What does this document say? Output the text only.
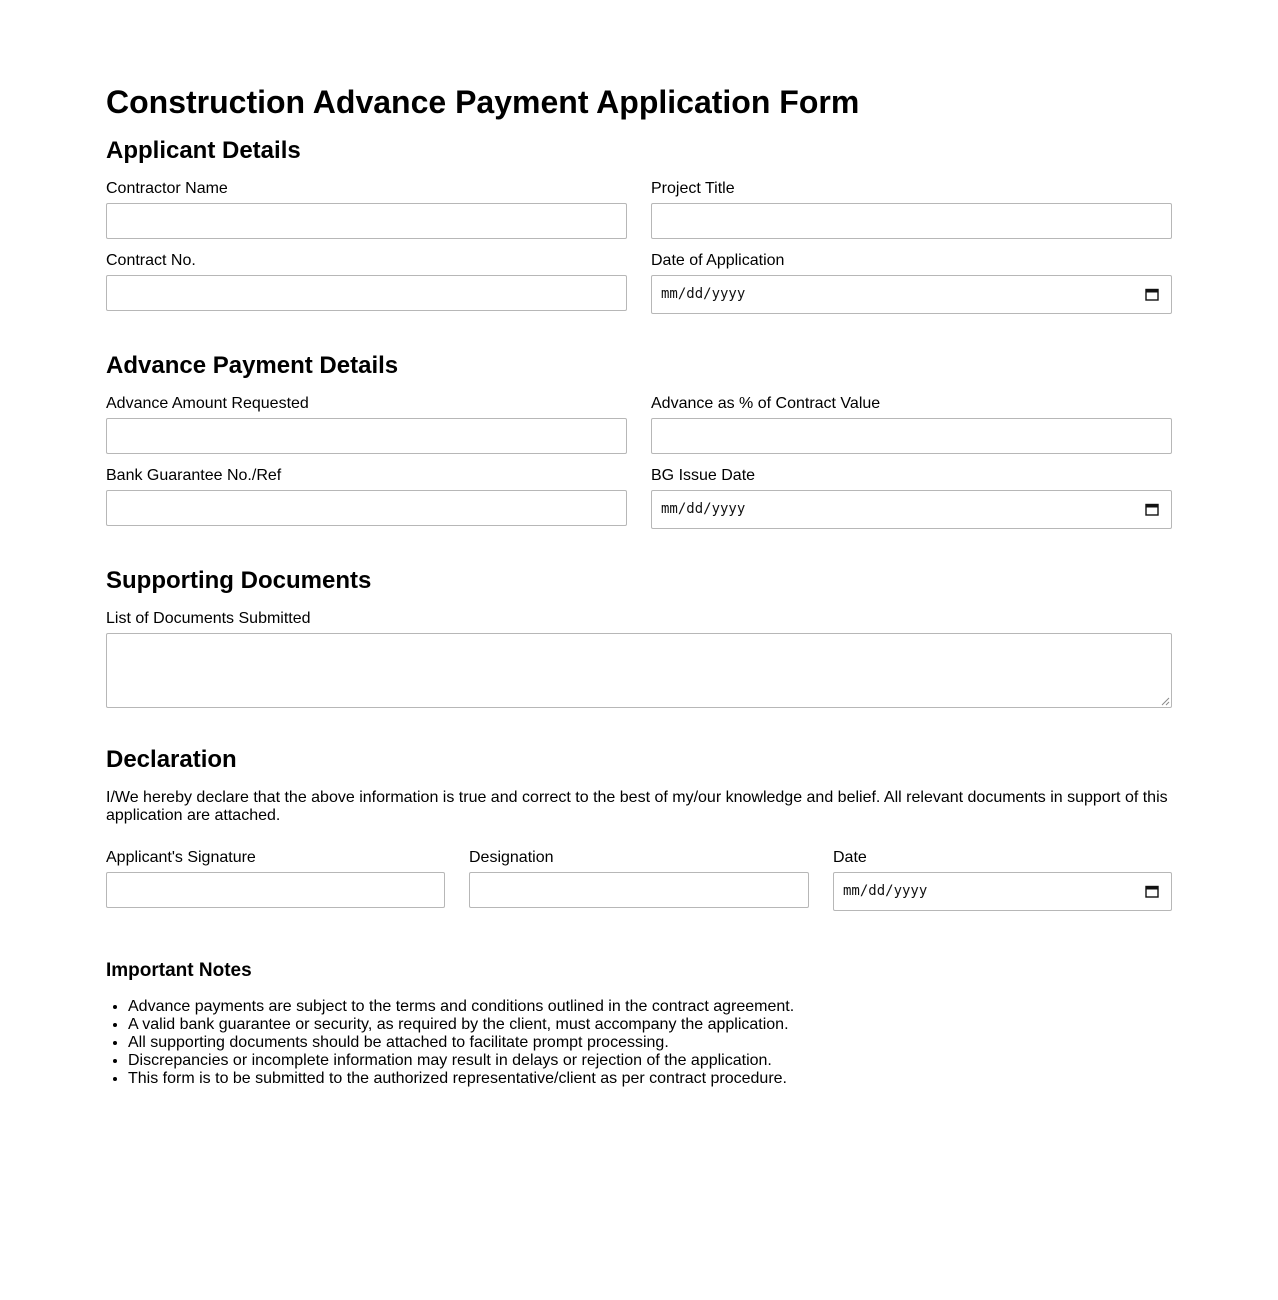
Construction Advance Payment Application Form
Applicant Details
Contractor Name	Project Title
Contract No.	Date of Application
mm/dd/yyyy
Advance Payment Details
Advance Amount Requested	Advance as % of Contract Value
Bank Guarantee No./Ref	BG Issue Date
mm/dd/yyyy
Supporting Documents
List of Documents Submitted
Declaration

I/We hereby declare that the above information is true and correct to the best of my/our knowledge and belief. All relevant documents in support of this application are attached.

Applicant's Signature	Designation	Date
mm/dd/yyyy
Important Notes
• Advance payments are subject to the terms and conditions outlined in the contract agreement.
• A valid bank guarantee or security, as required by the client, must accompany the application.
• All supporting documents should be attached to facilitate prompt processing.
• Discrepancies or incomplete information may result in delays or rejection of the application.
• This form is to be submitted to the authorized representative/client as per contract procedure.
